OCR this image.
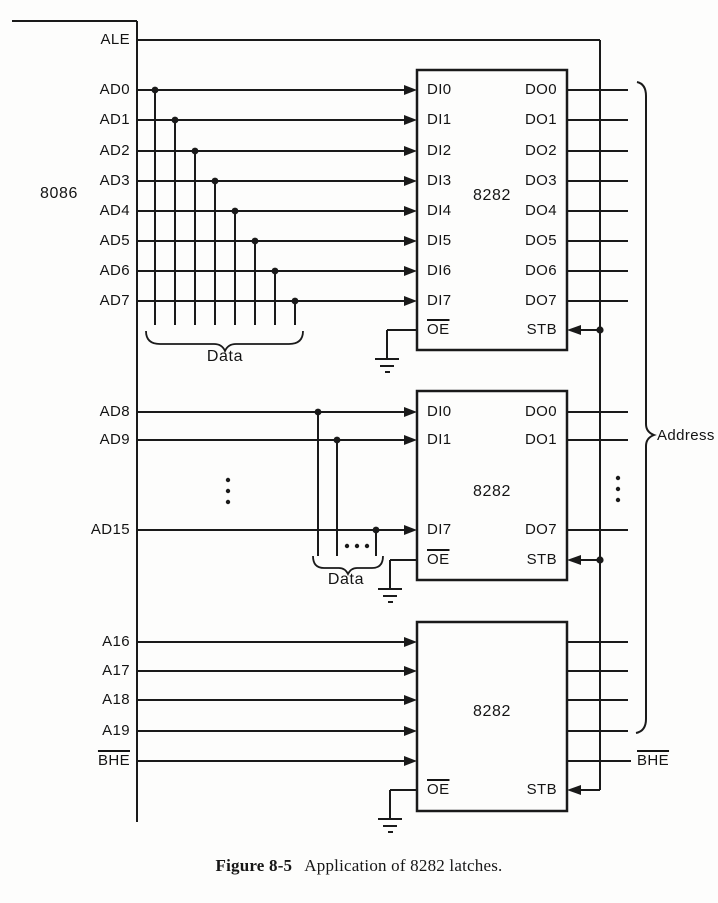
8086
ALE
AD0
AD1
AD2
AD3
AD4
AD5
AD6
AD7
AD8
AD9
AD15
A16
A17
A18
A19
$\overline{BHE}$
DI0
DI1
DI2
DI3
DI4
DI5
DI6
DI7
$\overline{OE}$
DO0
DO1
DO2
DO3
DO4
DO5
DO6
DO7
STB
8282
DI0
DI1
DI7
$\overline{OE}$
DO0
DO1
DO7
STB
8282
$\overline{OE}$	STB
8282
Data
Data
Address
$\overline{BHE}$
Figure 8-5 Application of 8282 latches.
